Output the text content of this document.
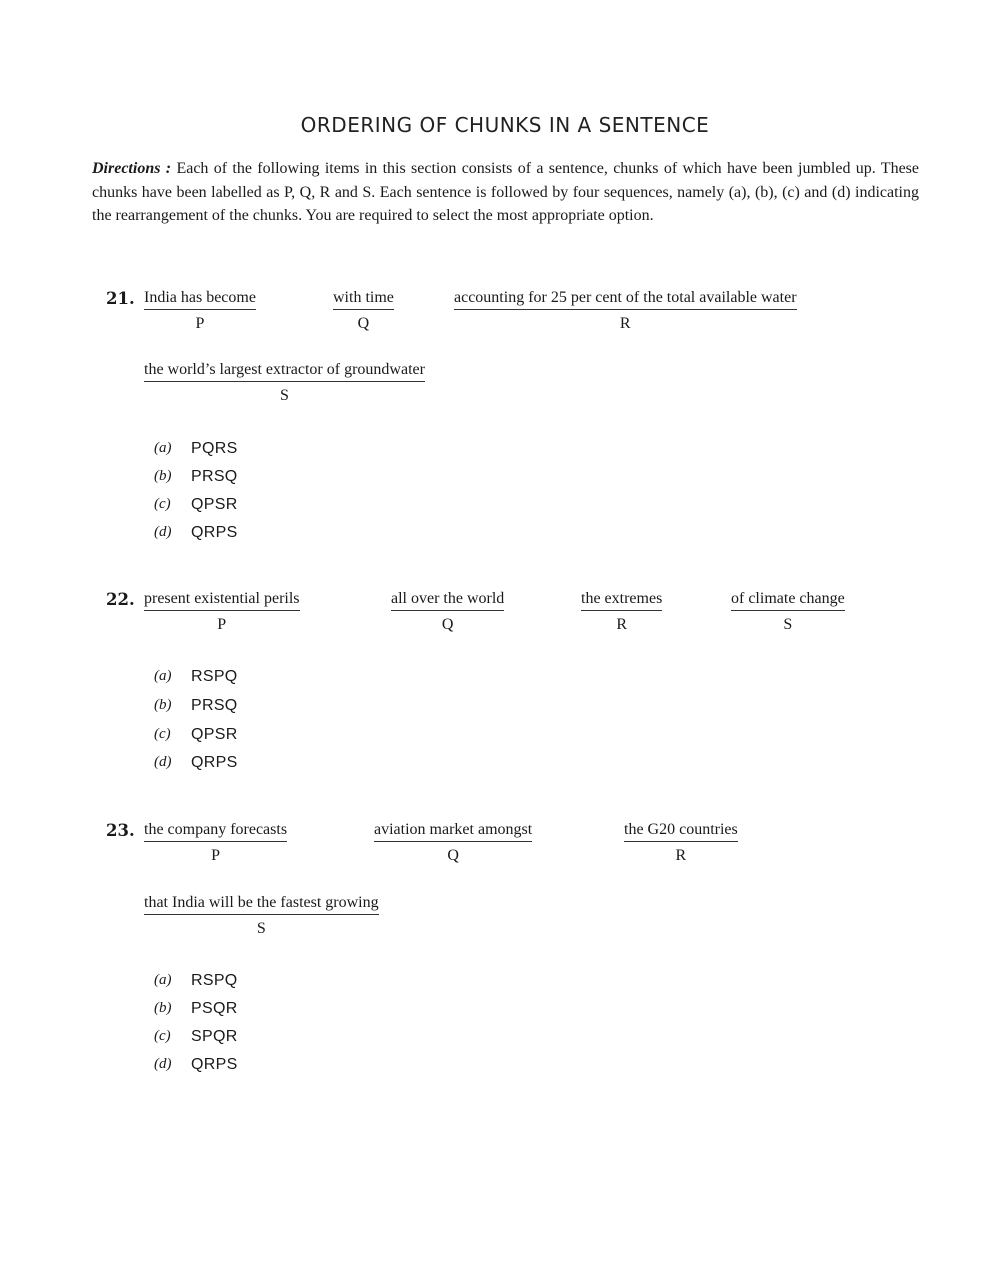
ORDERING OF CHUNKS IN A SENTENCE
Directions : Each of the following items in this section consists of a sentence, chunks of which have been jumbled up. These chunks have been labelled as P, Q, R and S. Each sentence is followed by four sequences, namely (a), (b), (c) and (d) indicating the rearrangement of the chunks. You are required to select the most appropriate option.
21. India has become
P
with time
Q
accounting for 25 per cent of the total available water
R
the world’s largest extractor of groundwater
S
(a) PQRS
(b) PRSQ
(c) QPSR
(d) QRPS
22. present existential perils
P
all over the world
Q
the extremes
R
of climate change
S
(a) RSPQ
(b) PRSQ
(c) QPSR
(d) QRPS
23. the company forecasts
P
aviation market amongst
Q
the G20 countries
R
that India will be the fastest growing
S
(a) RSPQ
(b) PSQR
(c) SPQR
(d) QRPS
